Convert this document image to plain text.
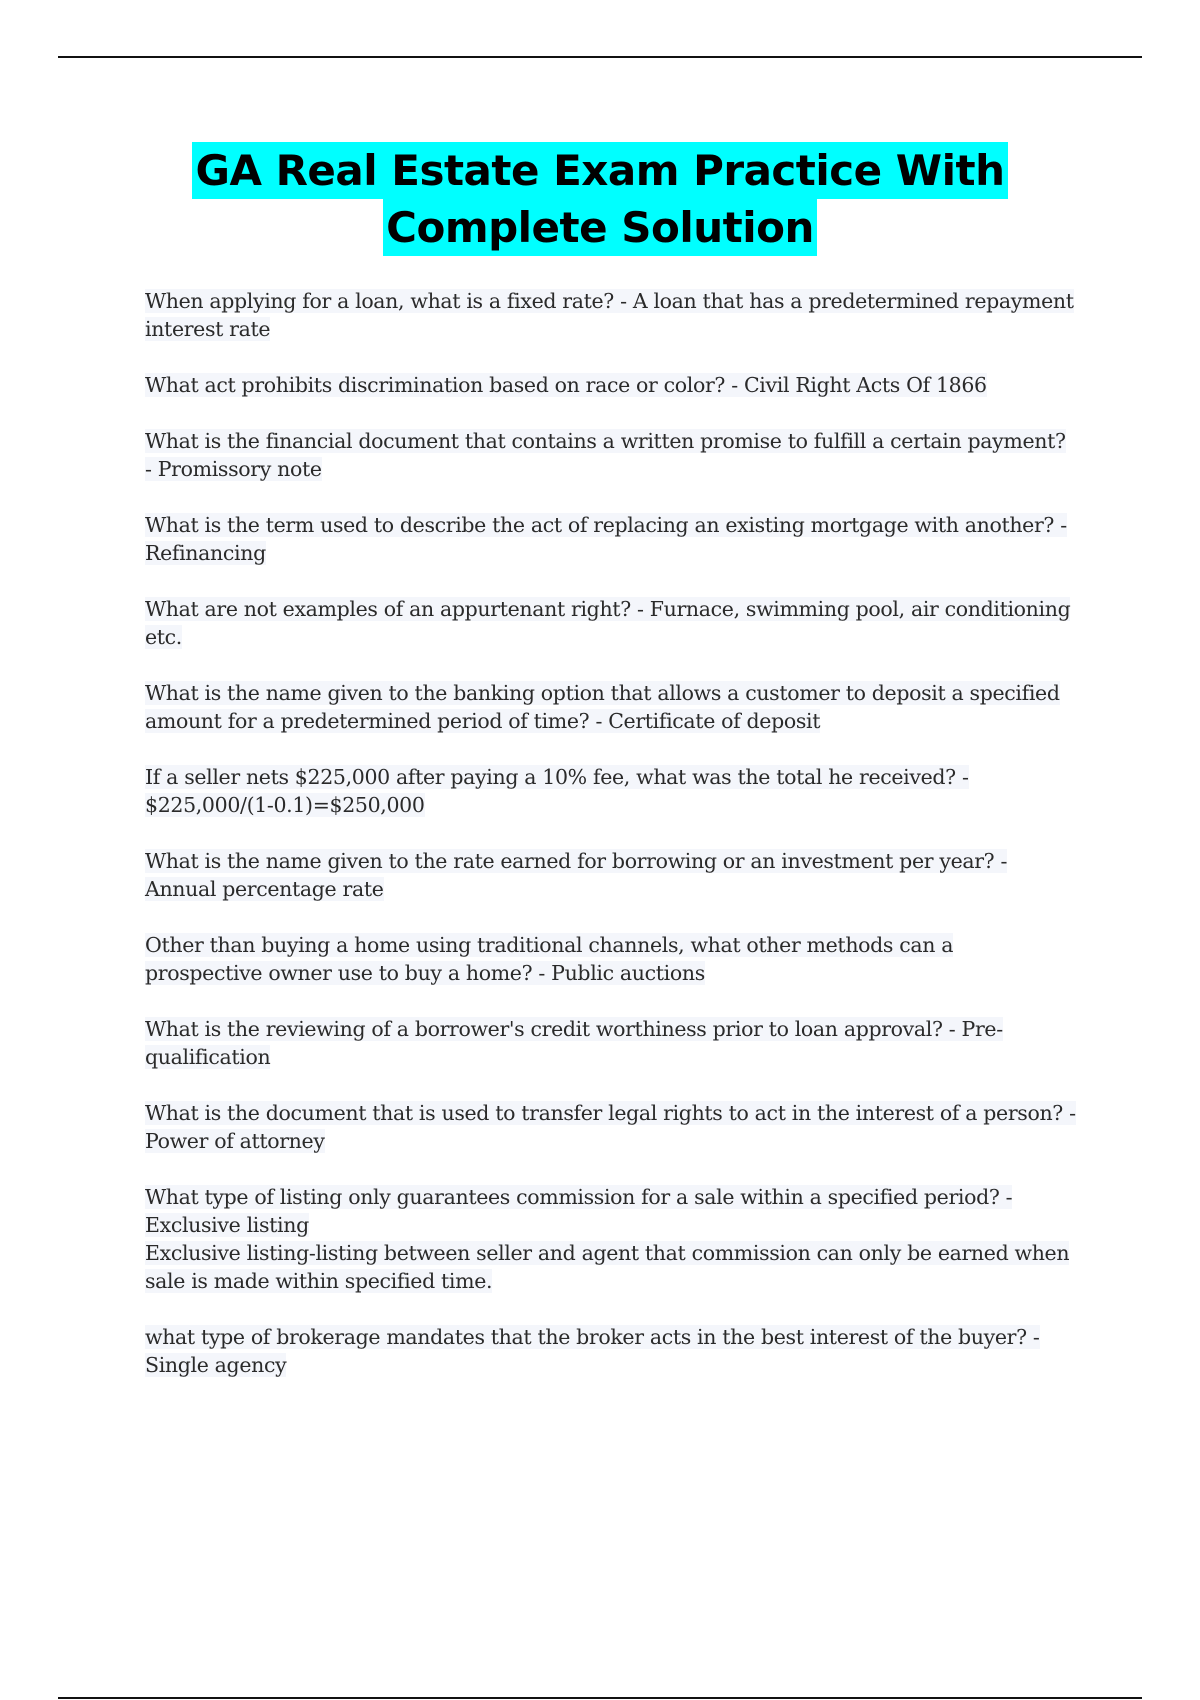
GA Real Estate Exam Practice With
Complete Solution
When applying for a loan, what is a fixed rate? - A loan that has a predetermined repayment
interest rate
What act prohibits discrimination based on race or color? - Civil Right Acts Of 1866
What is the financial document that contains a written promise to fulfill a certain payment?
- Promissory note
What is the term used to describe the act of replacing an existing mortgage with another? -
Refinancing
What are not examples of an appurtenant right? - Furnace, swimming pool, air conditioning
etc.
What is the name given to the banking option that allows a customer to deposit a specified
amount for a predetermined period of time? - Certificate of deposit
If a seller nets $225,000 after paying a 10% fee, what was the total he received? -
$225,000/(1-0.1)=$250,000
What is the name given to the rate earned for borrowing or an investment per year? -
Annual percentage rate
Other than buying a home using traditional channels, what other methods can a
prospective owner use to buy a home? - Public auctions
What is the reviewing of a borrower's credit worthiness prior to loan approval? - Pre-
qualification
What is the document that is used to transfer legal rights to act in the interest of a person? -
Power of attorney
What type of listing only guarantees commission for a sale within a specified period? -
Exclusive listing
Exclusive listing-listing between seller and agent that commission can only be earned when
sale is made within specified time.
what type of brokerage mandates that the broker acts in the best interest of the buyer? -
Single agency
